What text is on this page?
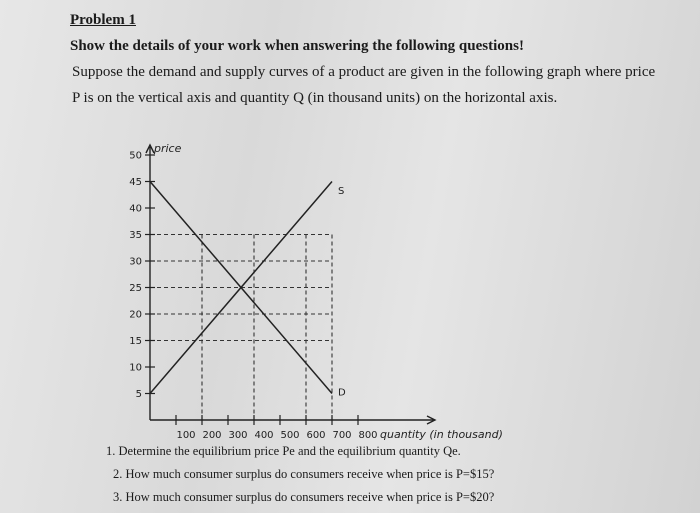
Problem 1
Show the details of your work when answering the following questions!
Suppose the demand and supply curves of a product are given in the following graph where price
P is on the vertical axis and quantity Q (in thousand units) on the horizontal axis.
5
10
15
20
25
30
35
40
45
50
100 200 300 400 500 600 700 800
S
D
price
quantity (in thousand)
1. Determine the equilibrium price Pe and the equilibrium quantity Qe.
2. How much consumer surplus do consumers receive when price is P=$15?
3. How much consumer surplus do consumers receive when price is P=$20?
